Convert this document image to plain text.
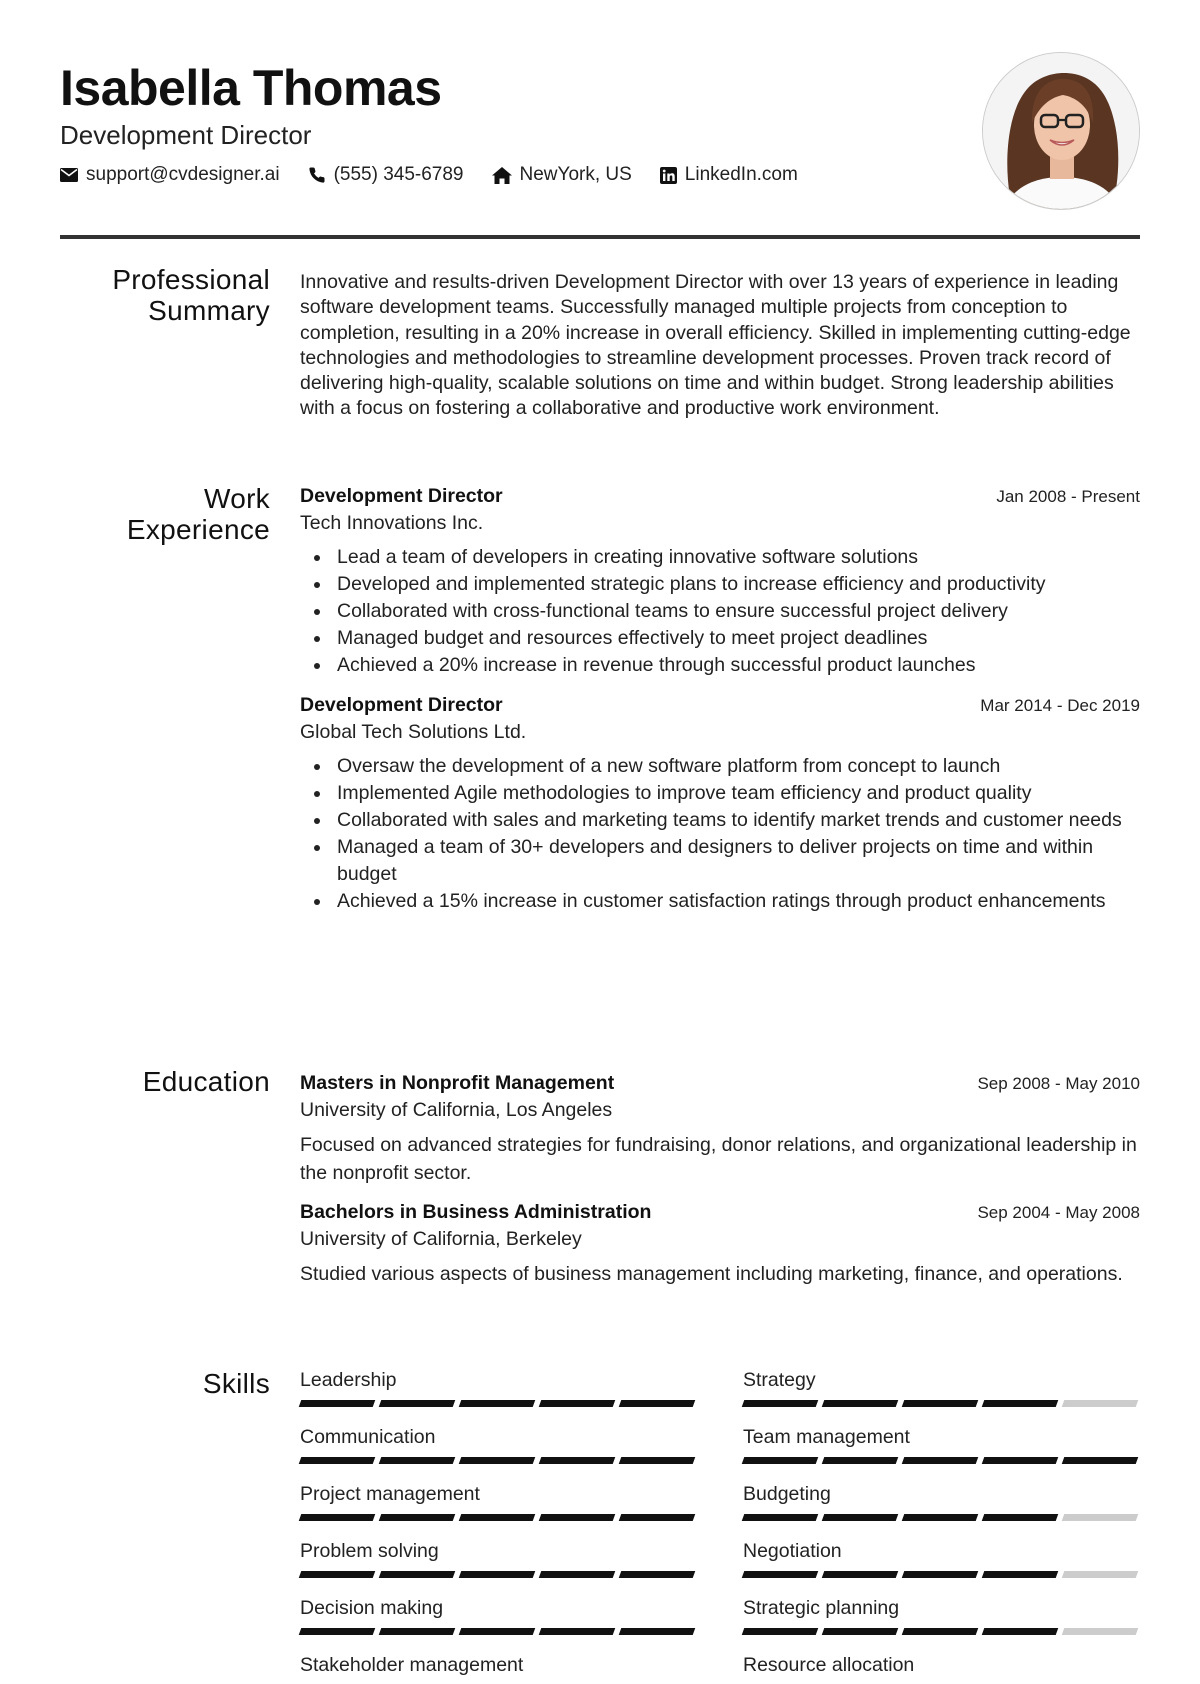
Isabella Thomas
Development Director
support@cvdesigner.ai	(555) 345-6789	NewYork, US	LinkedIn.com
Professional
Summary
Innovative and results-driven Development Director with over 13 years of experience in leading software development teams. Successfully managed multiple projects from conception to completion, resulting in a 20% increase in overall efficiency. Skilled in implementing cutting-edge technologies and methodologies to streamline development processes. Proven track record of delivering high-quality, scalable solutions on time and within budget. Strong leadership abilities with a focus on fostering a collaborative and productive work environment.
Work
Experience
Development Director	Jan 2008 - Present
Tech Innovations Inc.
Lead a team of developers in creating innovative software solutions
Developed and implemented strategic plans to increase efficiency and productivity
Collaborated with cross-functional teams to ensure successful project delivery
Managed budget and resources effectively to meet project deadlines
Achieved a 20% increase in revenue through successful product launches
Development Director	Mar 2014 - Dec 2019
Global Tech Solutions Ltd.
Oversaw the development of a new software platform from concept to launch
Implemented Agile methodologies to improve team efficiency and product quality
Collaborated with sales and marketing teams to identify market trends and customer needs
Managed a team of 30+ developers and designers to deliver projects on time and within budget
Achieved a 15% increase in customer satisfaction ratings through product enhancements
Education Masters in Nonprofit Management	Sep 2008 - May 2010
University of California, Los Angeles
Focused on advanced strategies for fundraising, donor relations, and organizational leadership in the nonprofit sector.
Bachelors in Business Administration	Sep 2004 - May 2008
University of California, Berkeley
Studied various aspects of business management including marketing, finance, and operations.
Skills Leadership	Strategy
Communication	Team management
Project management	Budgeting
Problem solving	Negotiation
Decision making	Strategic planning
Stakeholder management	Resource allocation
